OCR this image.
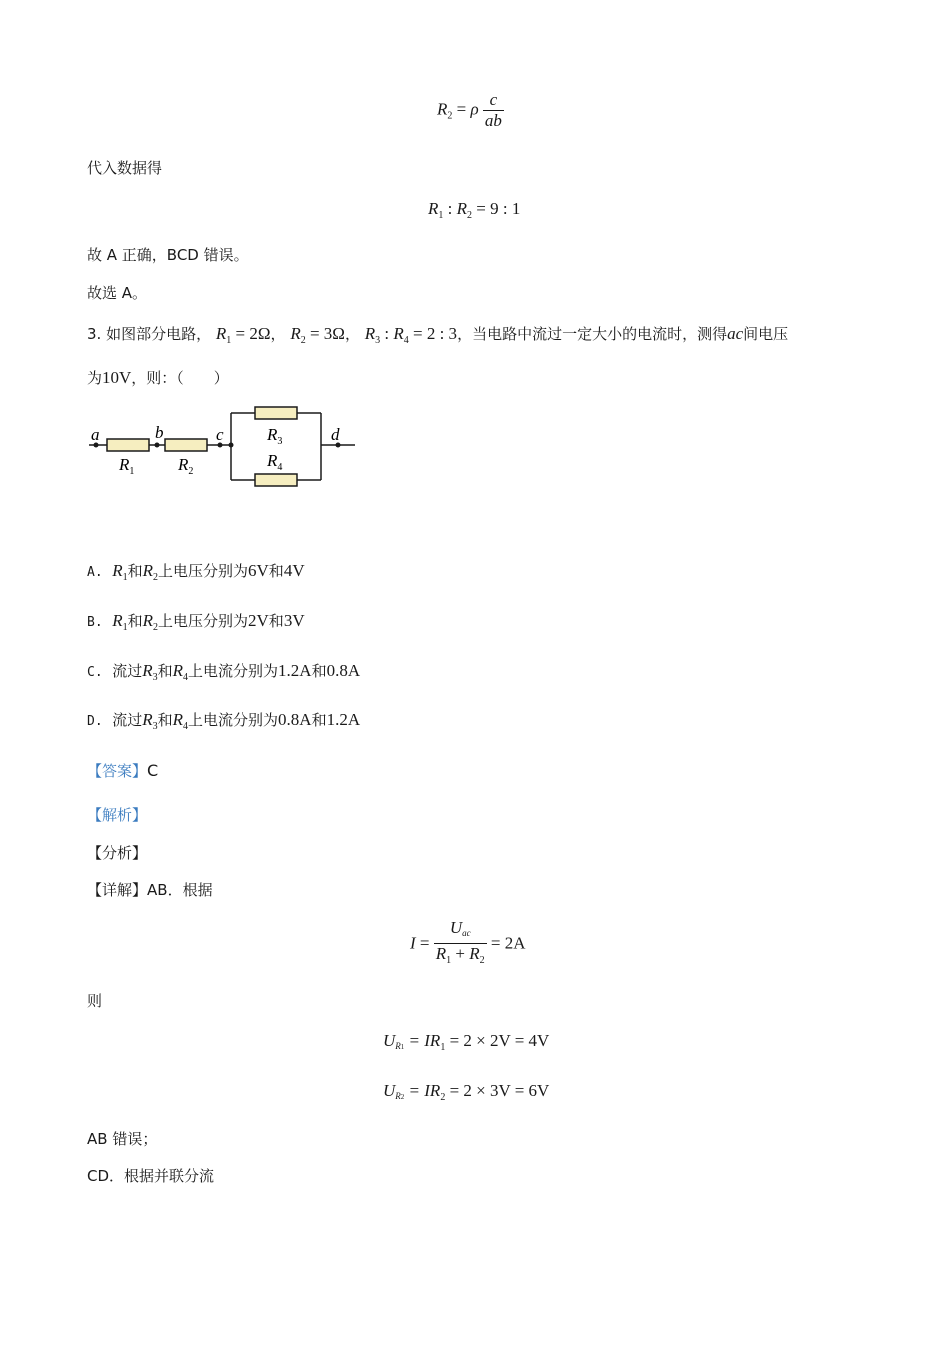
$R_2 = \rho \frac{c}{ab}$
代入数据得
$R_1$ : $R_2 = 9$ : 1
故 A 正确，BCD 错误。
故选 A。
3. 如图部分电路， $R_1 = 2\Omega$， $R_2 = 3\Omega$， $R_3$ : $R_4 = 2$ : 3，当电路中流过一定大小的电流时，测得ac间电压
为10V，则：（　　）
a	b	c	d
$R_1$	$R_2$
$R_3$
$R_4$
A. $R_1$和$R_2$上电压分别为6V和4V
B. $R_1$和$R_2$上电压分别为2V和3V
C. 流过$R_3$和$R_4$上电流分别为1.2A和0.8A
D. 流过$R_3$和$R_4$上电流分别为0.8A和1.2A
【答案】C
【解析】
【分析】
【详解】AB．根据
$I = \frac{\text{Uac}}{R_1 + R_2} = 2A$
则
$UR1 = IR_1 = 2 \times 2V = 4V$
$UR2 = IR_2 = 2 \times 3V = 6V$
AB 错误；
CD．根据并联分流
